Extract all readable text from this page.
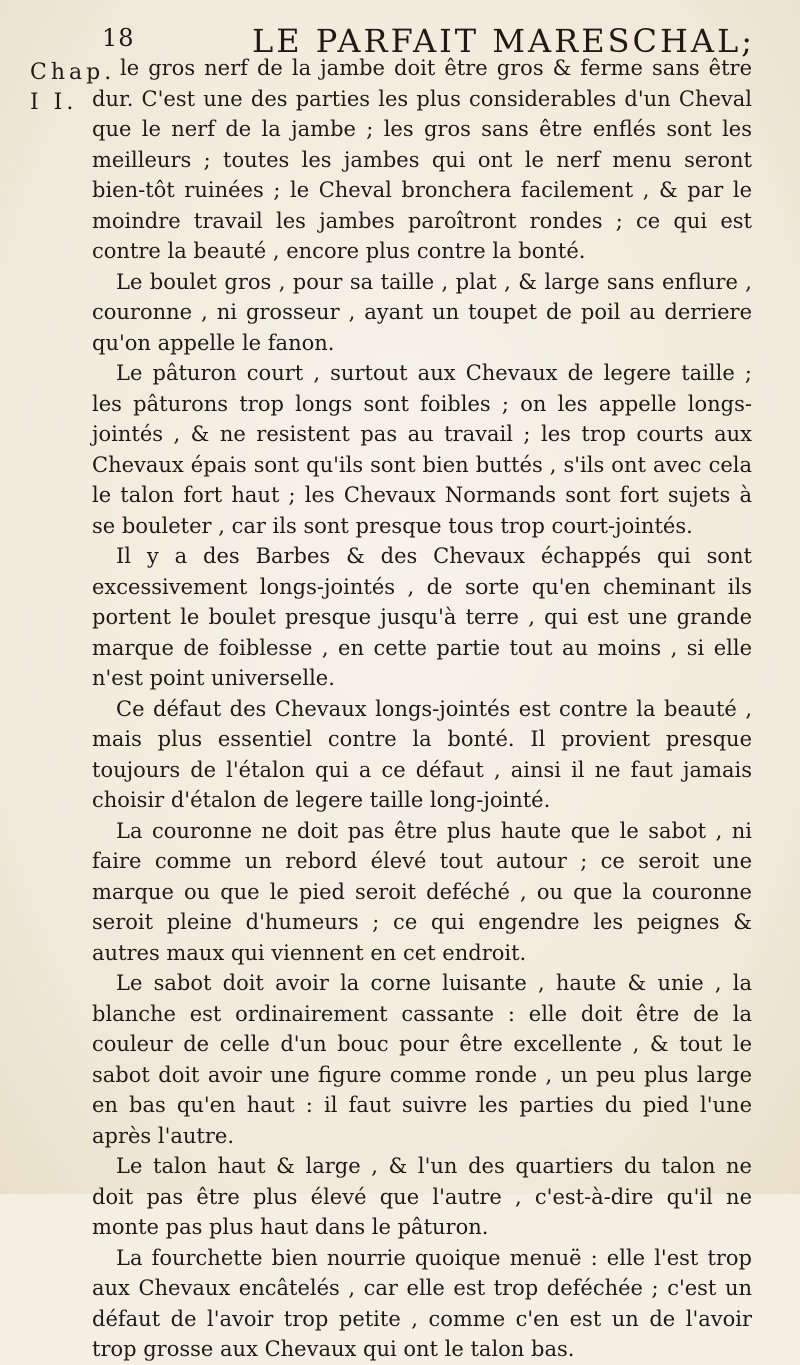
18	LE PARFAIT MARESCHAL;
Chap.
I I.

le gros nerf de la jambe doit être gros & ferme sans être dur. C'est une des parties les plus considerables d'un Cheval que le nerf de la jambe ; les gros sans être enflés sont les meilleurs ; toutes les jambes qui ont le nerf menu seront bien-tôt ruinées ; le Cheval bronchera facilement , & par le moindre travail les jambes paroîtront rondes ; ce qui est contre la beauté , encore plus contre la bonté.

Le boulet gros , pour sa taille , plat , & large sans enflure , couronne , ni grosseur , ayant un toupet de poil au derriere qu'on appelle le fanon.

Le pâturon court , surtout aux Chevaux de legere taille ; les pâturons trop longs sont foibles ; on les appelle longs-jointés , & ne resistent pas au travail ; les trop courts aux Chevaux épais sont qu'ils sont bien buttés , s'ils ont avec cela le talon fort haut ; les Chevaux Normands sont fort sujets à se bouleter , car ils sont presque tous trop court-jointés.

Il y a des Barbes & des Chevaux échappés qui sont excessivement longs-jointés , de sorte qu'en cheminant ils portent le boulet presque jusqu'à terre , qui est une grande marque de foiblesse , en cette partie tout au moins , si elle n'est point universelle.

Ce défaut des Chevaux longs-jointés est contre la beauté , mais plus essentiel contre la bonté. Il provient presque toujours de l'étalon qui a ce défaut , ainsi il ne faut jamais choisir d'étalon de legere taille long-jointé.

La couronne ne doit pas être plus haute que le sabot , ni faire comme un rebord élevé tout autour ; ce seroit une marque ou que le pied seroit deféché , ou que la couronne seroit pleine d'humeurs ; ce qui engendre les peignes & autres maux qui viennent en cet endroit.

Le sabot doit avoir la corne luisante , haute & unie , la blanche est ordinairement cassante : elle doit être de la couleur de celle d'un bouc pour être excellente , & tout le sabot doit avoir une figure comme ronde , un peu plus large en bas qu'en haut : il faut suivre les parties du pied l'une après l'autre.

Le talon haut & large , & l'un des quartiers du talon ne doit pas être plus élevé que l'autre , c'est-à-dire qu'il ne monte pas plus haut dans le pâturon.

La fourchette bien nourrie quoique menuë : elle l'est trop aux Chevaux encâtelés , car elle est trop deféchée ; c'est un défaut de l'avoir trop petite , comme c'en est un de l'avoir trop grosse aux Chevaux qui ont le talon bas.
